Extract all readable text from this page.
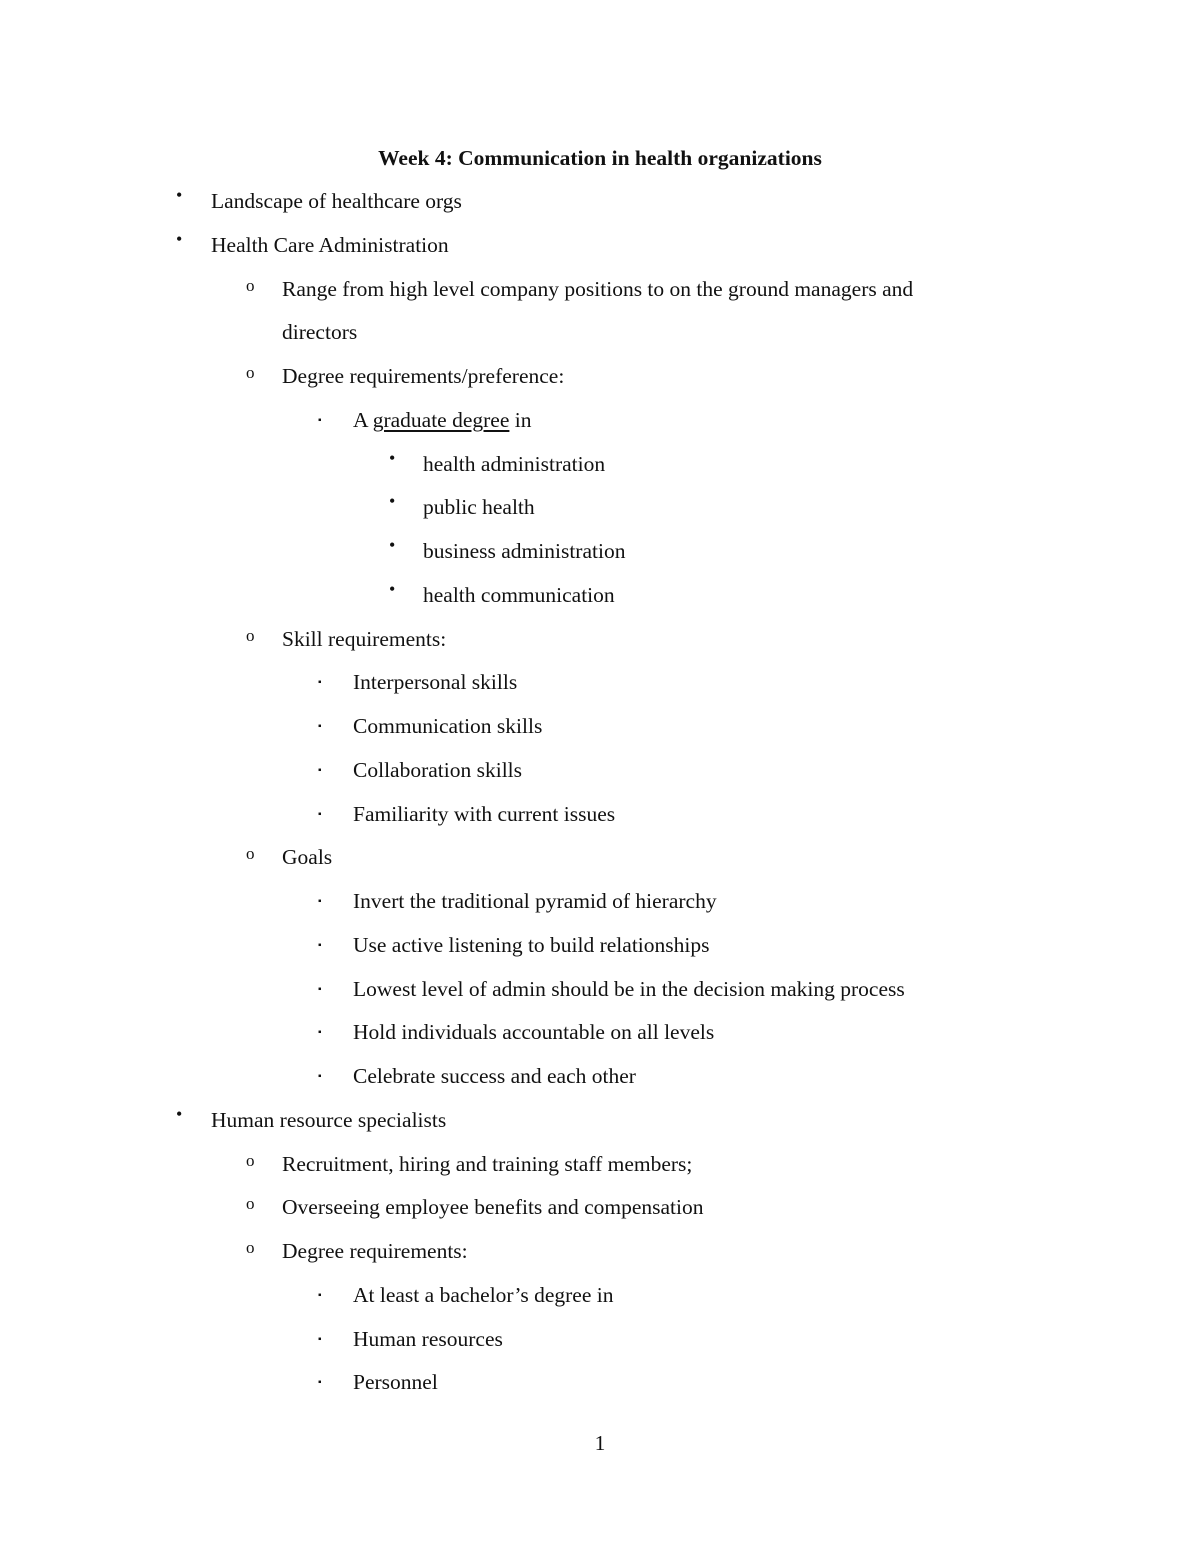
Week 4: Communication in health organizations
• Landscape of healthcare orgs
• Health Care Administration
o Range from high level company positions to on the ground managers and
directors
o Degree requirements/preference:
▪ A graduate degree in
• health administration
• public health
• business administration
• health communication
o Skill requirements:
▪ Interpersonal skills
▪ Communication skills
▪ Collaboration skills
▪ Familiarity with current issues
o Goals
▪ Invert the traditional pyramid of hierarchy
▪ Use active listening to build relationships
▪ Lowest level of admin should be in the decision making process
▪ Hold individuals accountable on all levels
▪ Celebrate success and each other
• Human resource specialists
o Recruitment, hiring and training staff members;
o Overseeing employee benefits and compensation
o Degree requirements:
▪ At least a bachelor’s degree in
▪ Human resources
▪ Personnel
1
